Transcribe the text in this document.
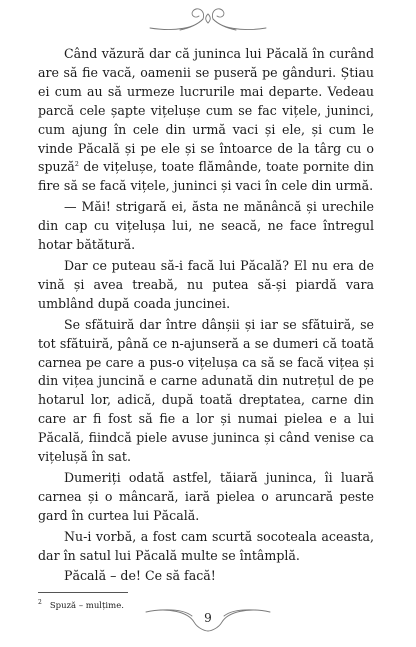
Când văzură dar că juninca lui Păcală în curând are să fie vacă, oamenii se puseră pe gânduri. Știau ei cum au să urmeze lucrurile mai departe. Vedeau parcă cele șapte vițelușe cum se fac vițele, juninci, cum ajung în cele din urmă vaci și ele, și cum le vinde Păcală și pe ele și se întoarce de la târg cu o spuză$^2$ de vițelușe, toate flămânde, toate pornite din fire să se facă vițele, juninci și vaci în cele din urmă.

— Măi! strigară ei, ăsta ne mănâncă și urechile din cap cu vițelușa lui, ne seacă, ne face întregul hotar bătătură.

Dar ce puteau să-i facă lui Păcală? El nu era de vină și avea treabă, nu putea să-și piardă vara umblând după coada juncinei.

Se sfătuiră dar între dânșii și iar se sfătuiră, se tot sfătuiră, până ce n-ajunseră a se dumeri că toată carnea pe care a pus-o vițelușa ca să se facă vițea și din vițea juncină e carne adunată din nutrețul de pe hotarul lor, adică, după toată dreptatea, carne din care ar fi fost să fie a lor și numai pielea e a lui Păcală, fiindcă piele avuse juninca și când venise ca vițelușă în sat.

Dumeriți odată astfel, tăiară juninca, îi luară carnea și o mâncară, iară pielea o aruncară peste gard în curtea lui Păcală.

Nu-i vorbă, a fost cam scurtă socoteala aceasta, dar în satul lui Păcală multe se întâmplă.

Păcală – de! Ce să facă!

$^2$ Spuză – mulțime.
9
